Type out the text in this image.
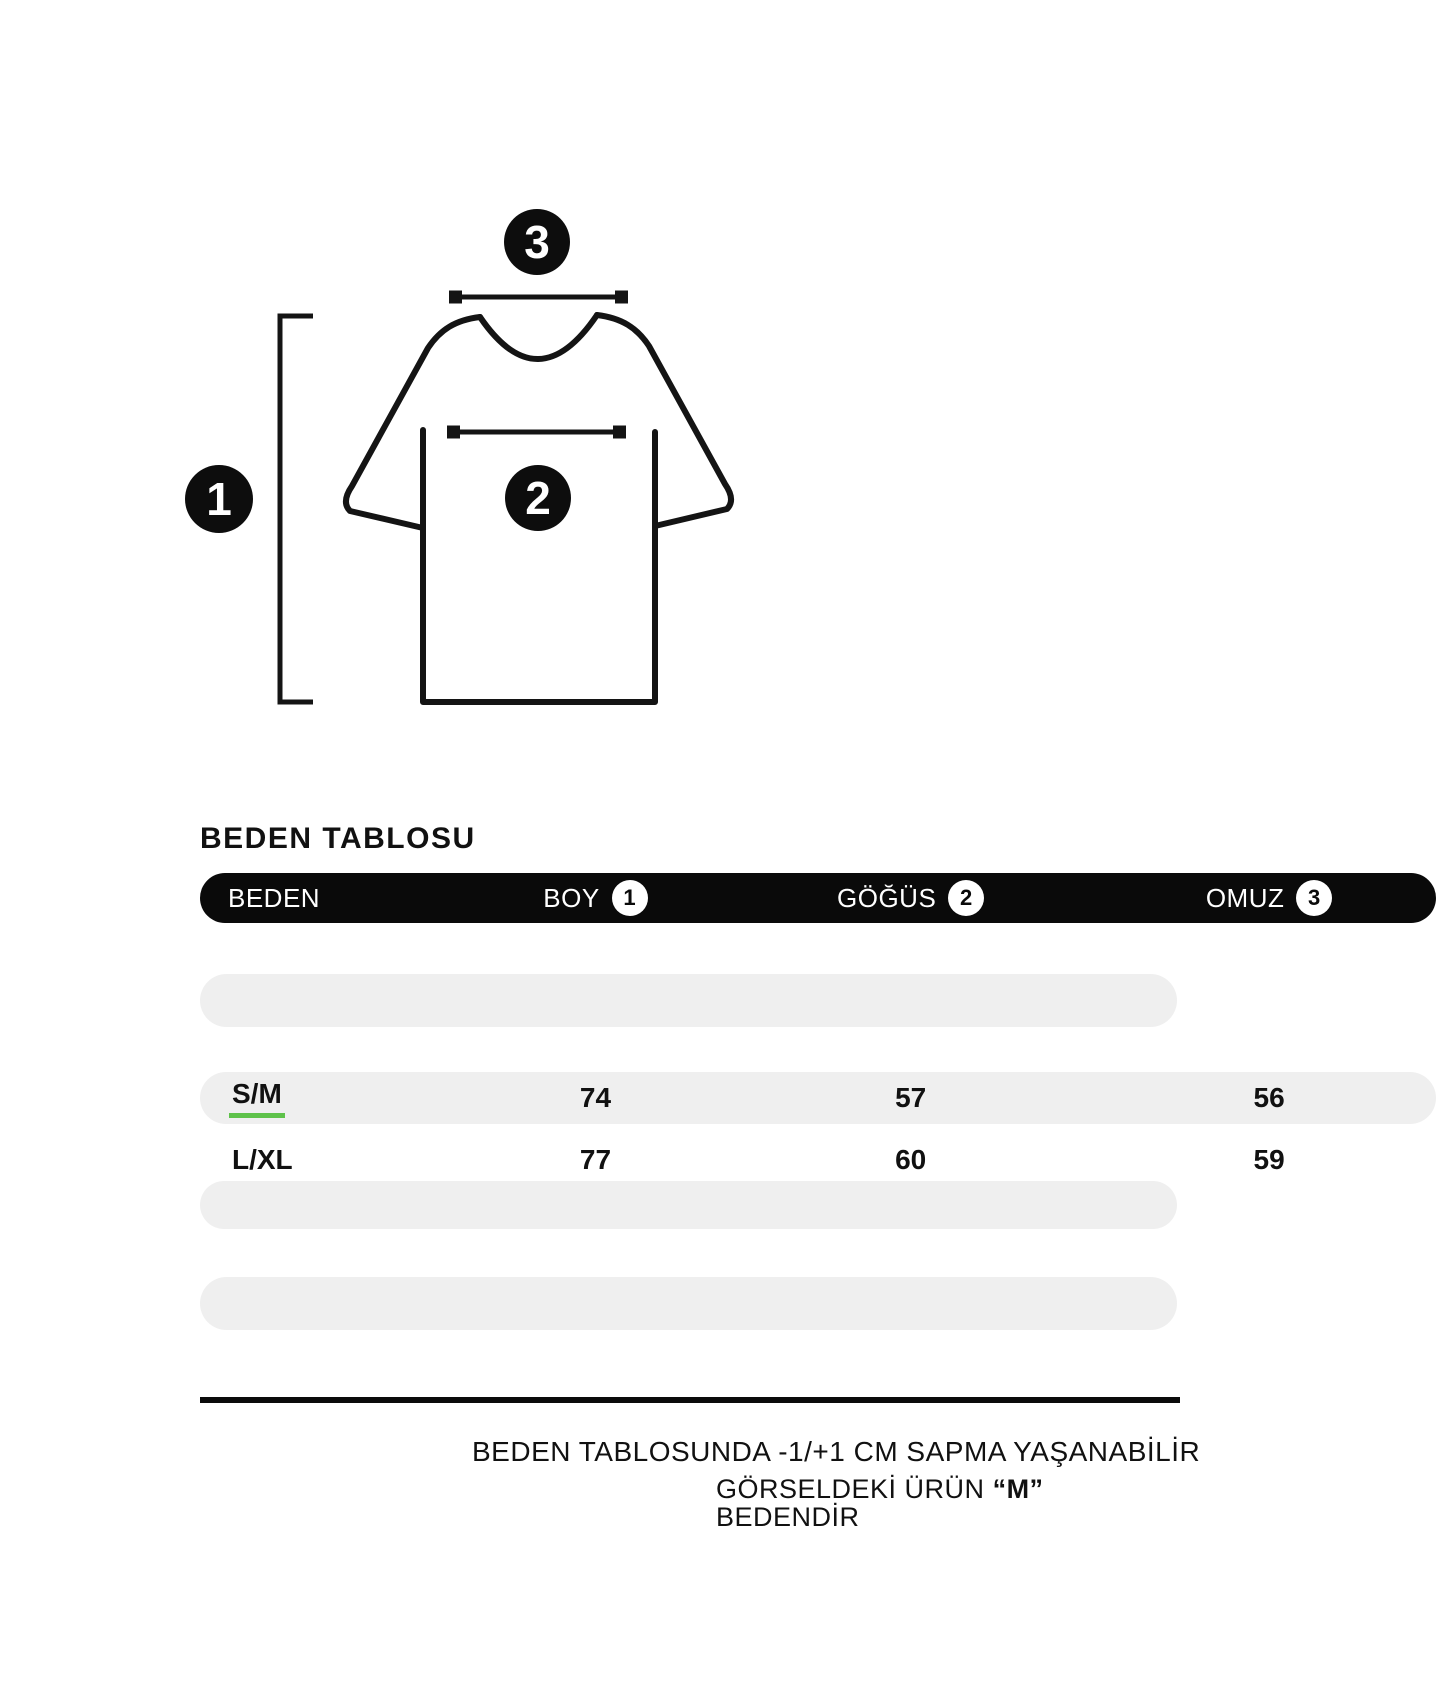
1	2
3
BEDEN TABLOSU
BEDEN	BOY	1	GÖĞÜS	2	OMUZ	3
S/M	74	57	56
L/XL	77	60	59
BEDEN TABLOSUNDA -1/+1 CM SAPMA YAŞANABİLİR
GÖRSELDEKİ ÜRÜN “M”
BEDENDİR
